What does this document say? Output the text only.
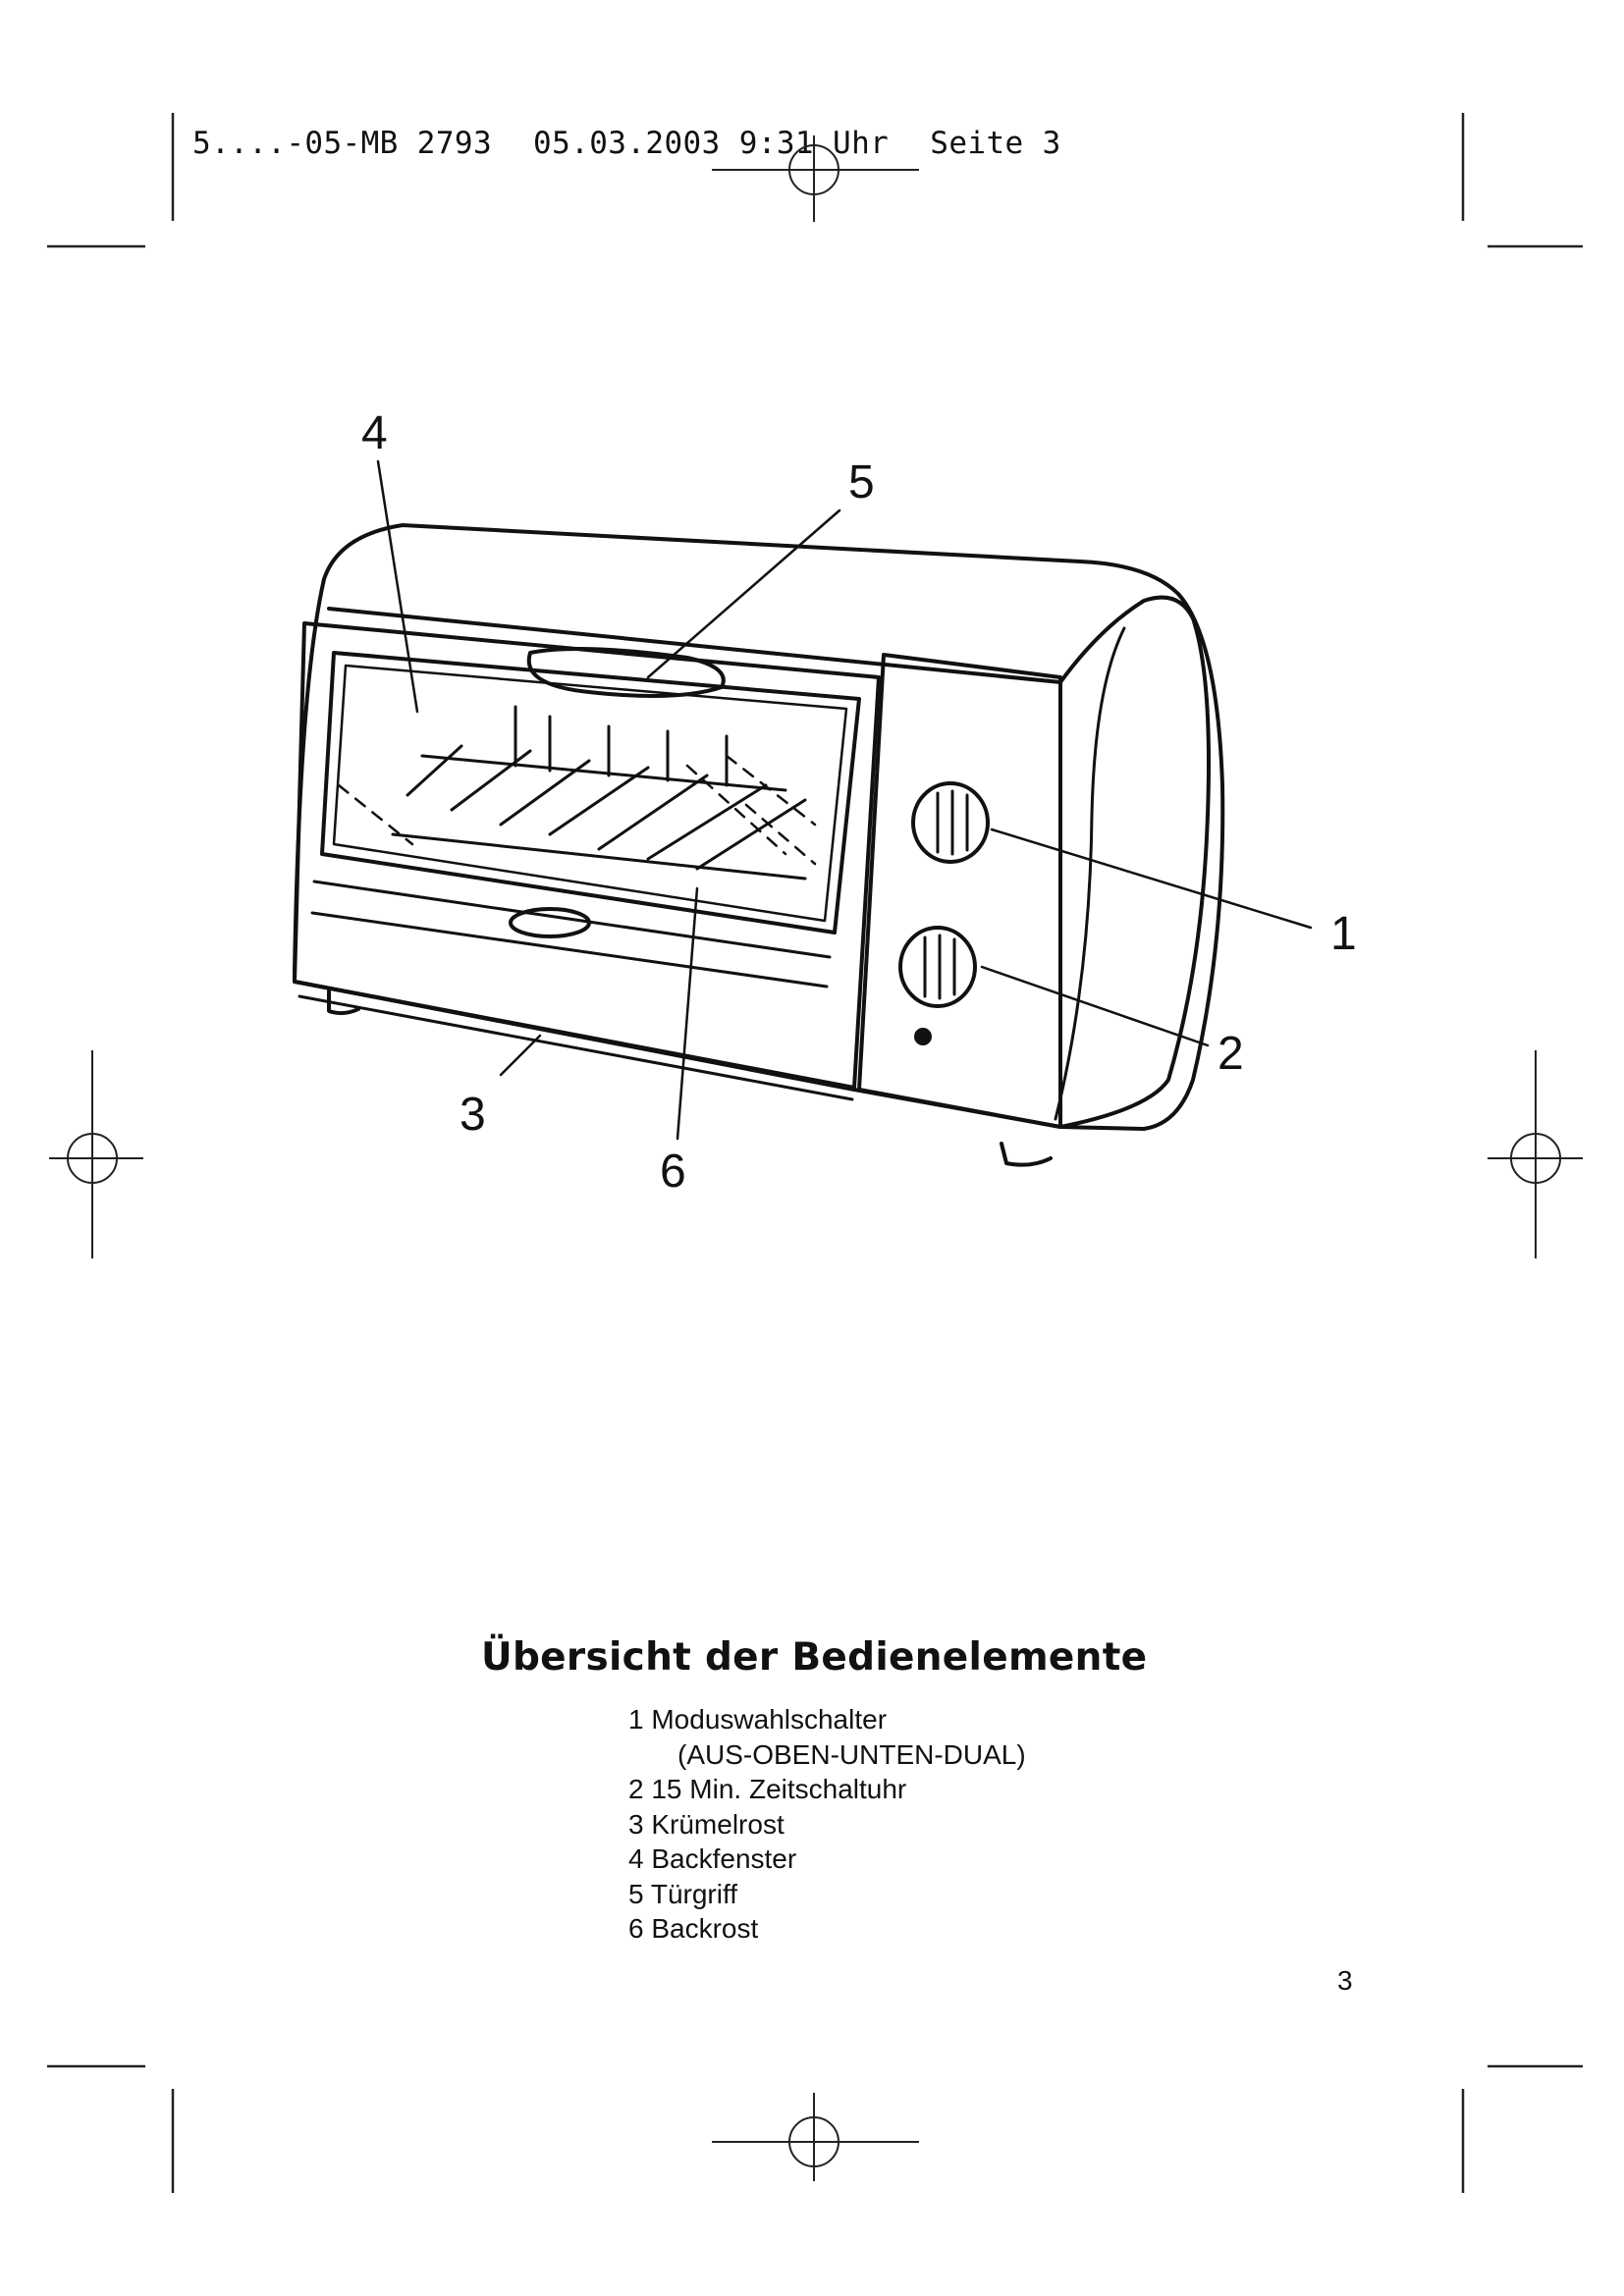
5....-05-MB 2793 05.03.2003 9:31 Uhr Seite 3
4
5
1
2
3
6
Übersicht der Bedienelemente
1 Moduswahlschalter
(AUS-OBEN-UNTEN-DUAL)
2 15 Min. Zeitschaltuhr
3 Krümelrost
4 Backfenster
5 Türgriff
6 Backrost
3
